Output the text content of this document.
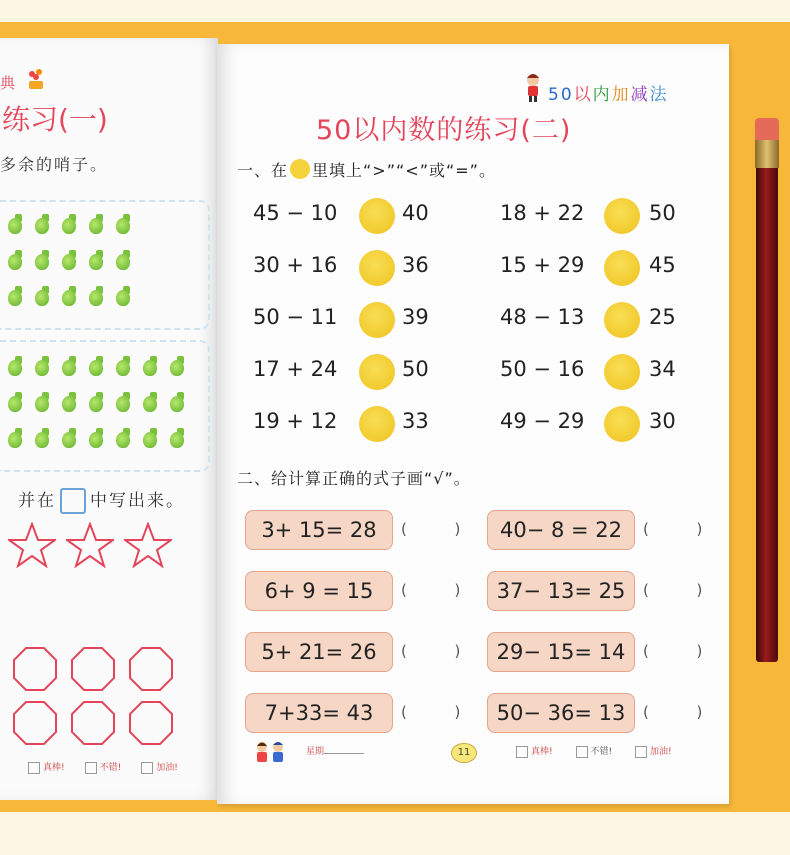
典
练习(一)
多余的哨子。
并在 中写出来。
真棒!	不错!	加油!
50以内加减法
50以内数的练习(二)
一、在 里填上“>”“<”或“=”。
45 − 10	40	18 + 22	50
30 + 16	36	15 + 29	45
50 − 11	39	48 − 13	25
17 + 24	50	50 − 16	34
19 + 12	33	49 − 29	30
二、给计算正确的式子画“√”。
3+ 15= 28	(          )	40− 8 = 22	(          )
6+ 9 = 15	(          )	37− 13= 25	(          )
5+ 21= 26	(          )	29− 15= 14	(          )
7+33= 43	(          )	50− 36= 13	(          )
星期	11	真棒!	不错!	加油!
